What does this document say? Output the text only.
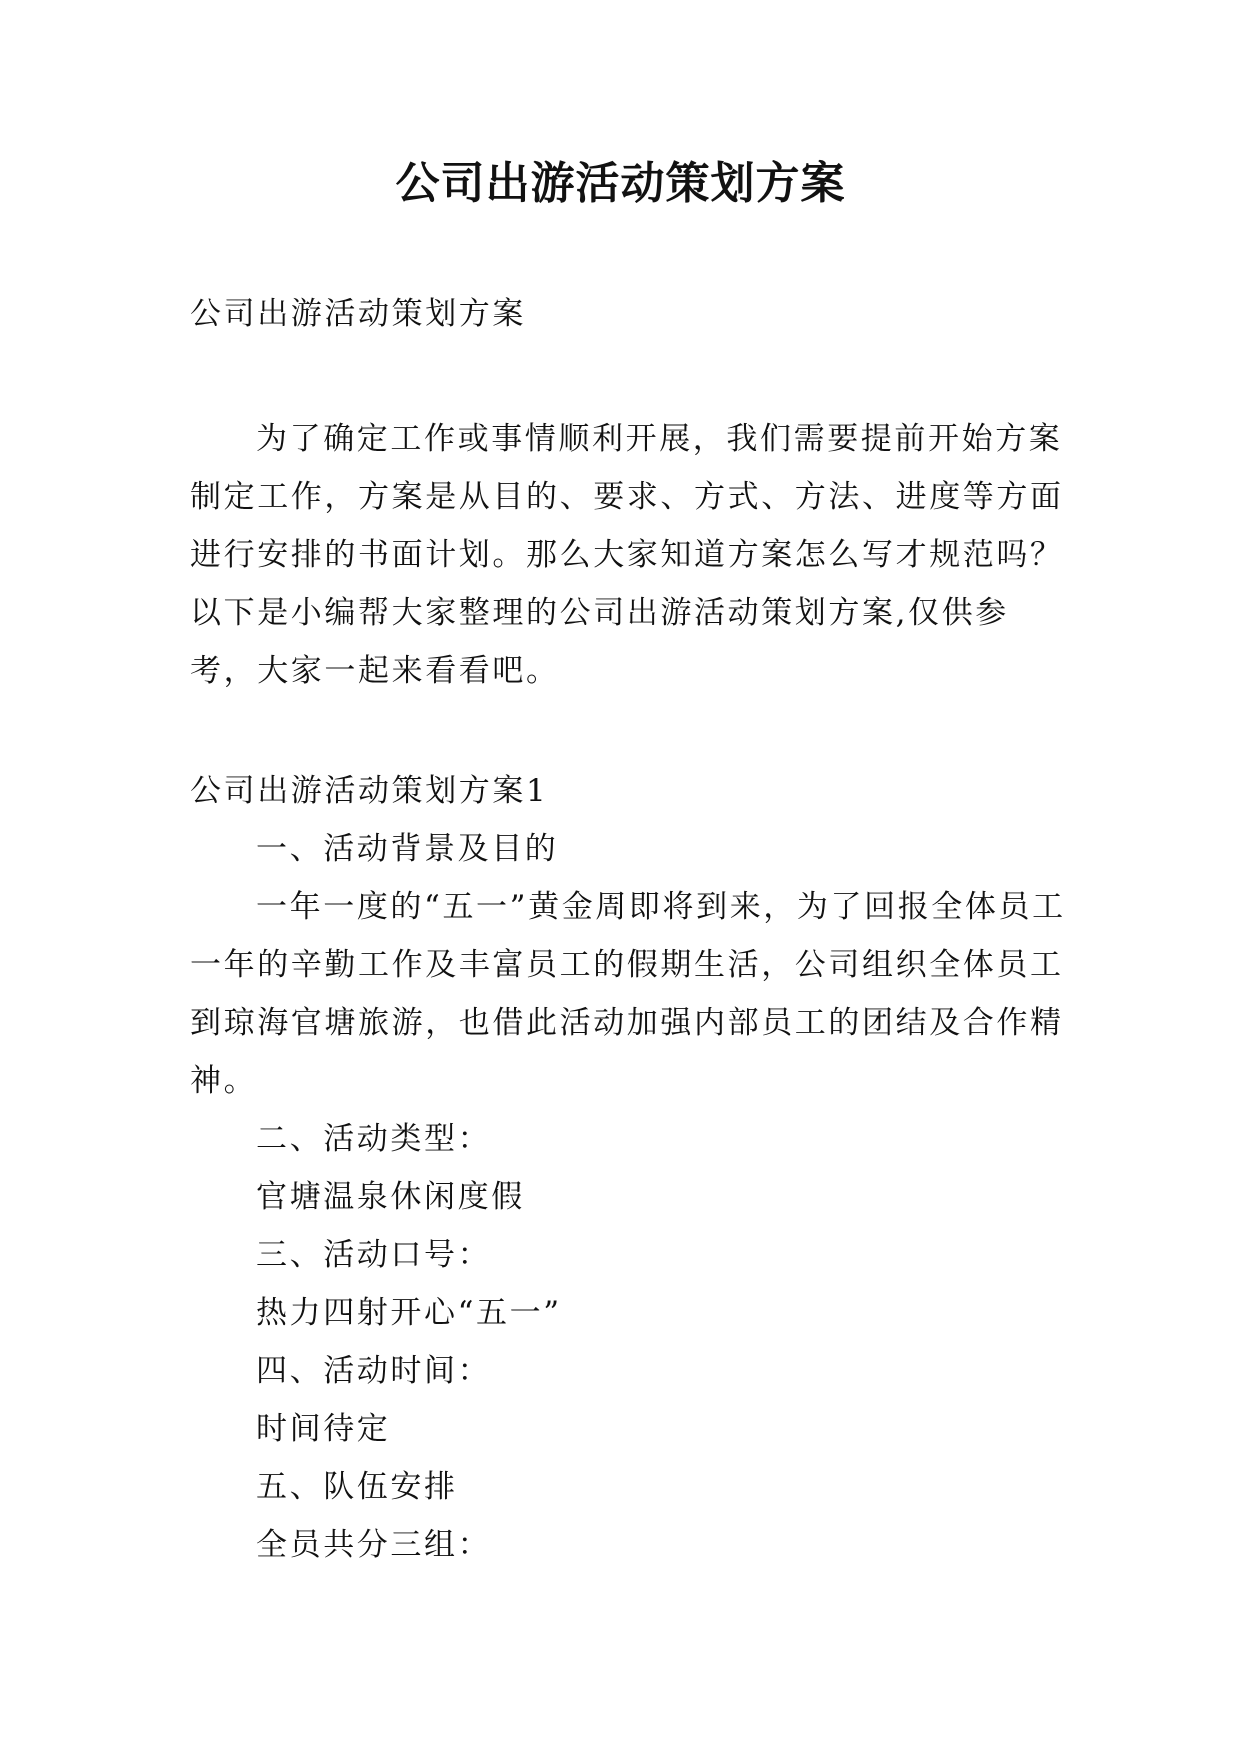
公司出游活动策划方案

公司出游活动策划方案

为了确定工作或事情顺利开展，我们需要提前开始方案制定工作，方案是从目的、要求、方式、方法、进度等方面进行安排的书面计划。那么大家知道方案怎么写才规范吗？以下是小编帮大家整理的公司出游活动策划方案,仅供参考，大家一起来看看吧。

公司出游活动策划方案1
一、活动背景及目的
一年一度的“五一”黄金周即将到来，为了回报全体员工一年的辛勤工作及丰富员工的假期生活，公司组织全体员工到琼海官塘旅游，也借此活动加强内部员工的团结及合作精神。
二、活动类型：
官塘温泉休闲度假
三、活动口号：
热力四射开心“五一”
四、活动时间：
时间待定
五、队伍安排
全员共分三组：
